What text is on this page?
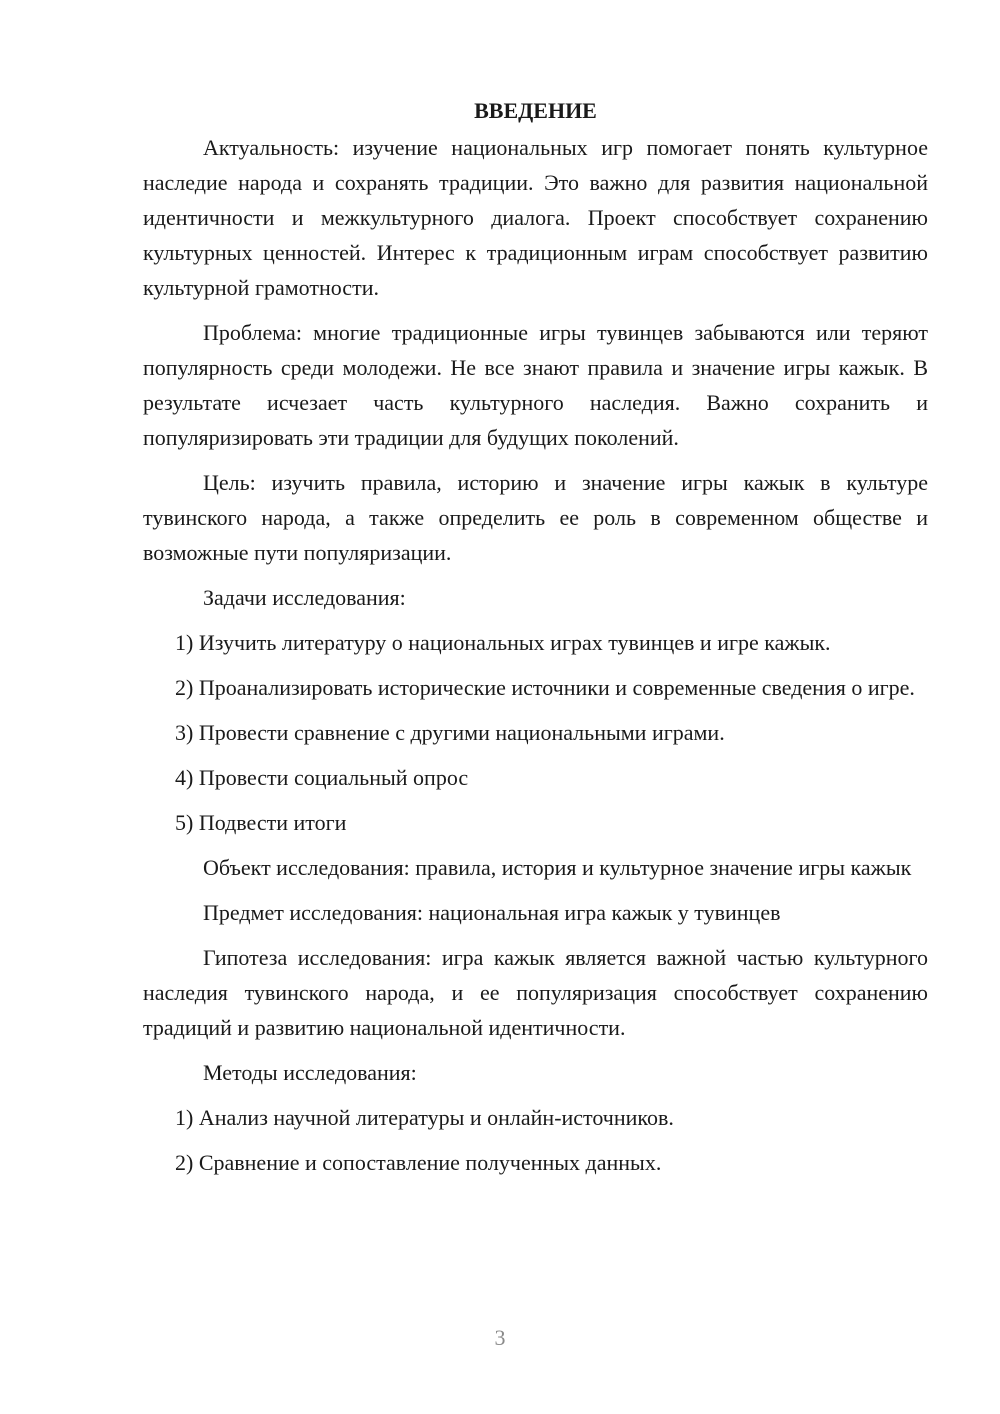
ВВЕДЕНИЕ

Актуальность: изучение национальных игр помогает понять культурное наследие народа и сохранять традиции. Это важно для развития национальной идентичности и межкультурного диалога. Проект способствует сохранению культурных ценностей. Интерес к традиционным играм способствует развитию культурной грамотности.

Проблема: многие традиционные игры тувинцев забываются или теряют популярность среди молодежи. Не все знают правила и значение игры кажык. В результате исчезает часть культурного наследия. Важно сохранить и популяризировать эти традиции для будущих поколений.

Цель: изучить правила, историю и значение игры кажык в культуре тувинского народа, а также определить ее роль в современном обществе и возможные пути популяризации.

Задачи исследования:

1) Изучить литературу о национальных играх тувинцев и игре кажык.

2) Проанализировать исторические источники и современные сведения о игре.

3) Провести сравнение с другими национальными играми.

4) Провести социальный опрос

5) Подвести итоги

Объект исследования: правила, история и культурное значение игры кажык

Предмет исследования: национальная игра кажык у тувинцев

Гипотеза исследования: игра кажык является важной частью культурного наследия тувинского народа, и ее популяризация способствует сохранению традиций и развитию национальной идентичности.

Методы исследования:

1) Анализ научной литературы и онлайн-источников.

2) Сравнение и сопоставление полученных данных.

3
